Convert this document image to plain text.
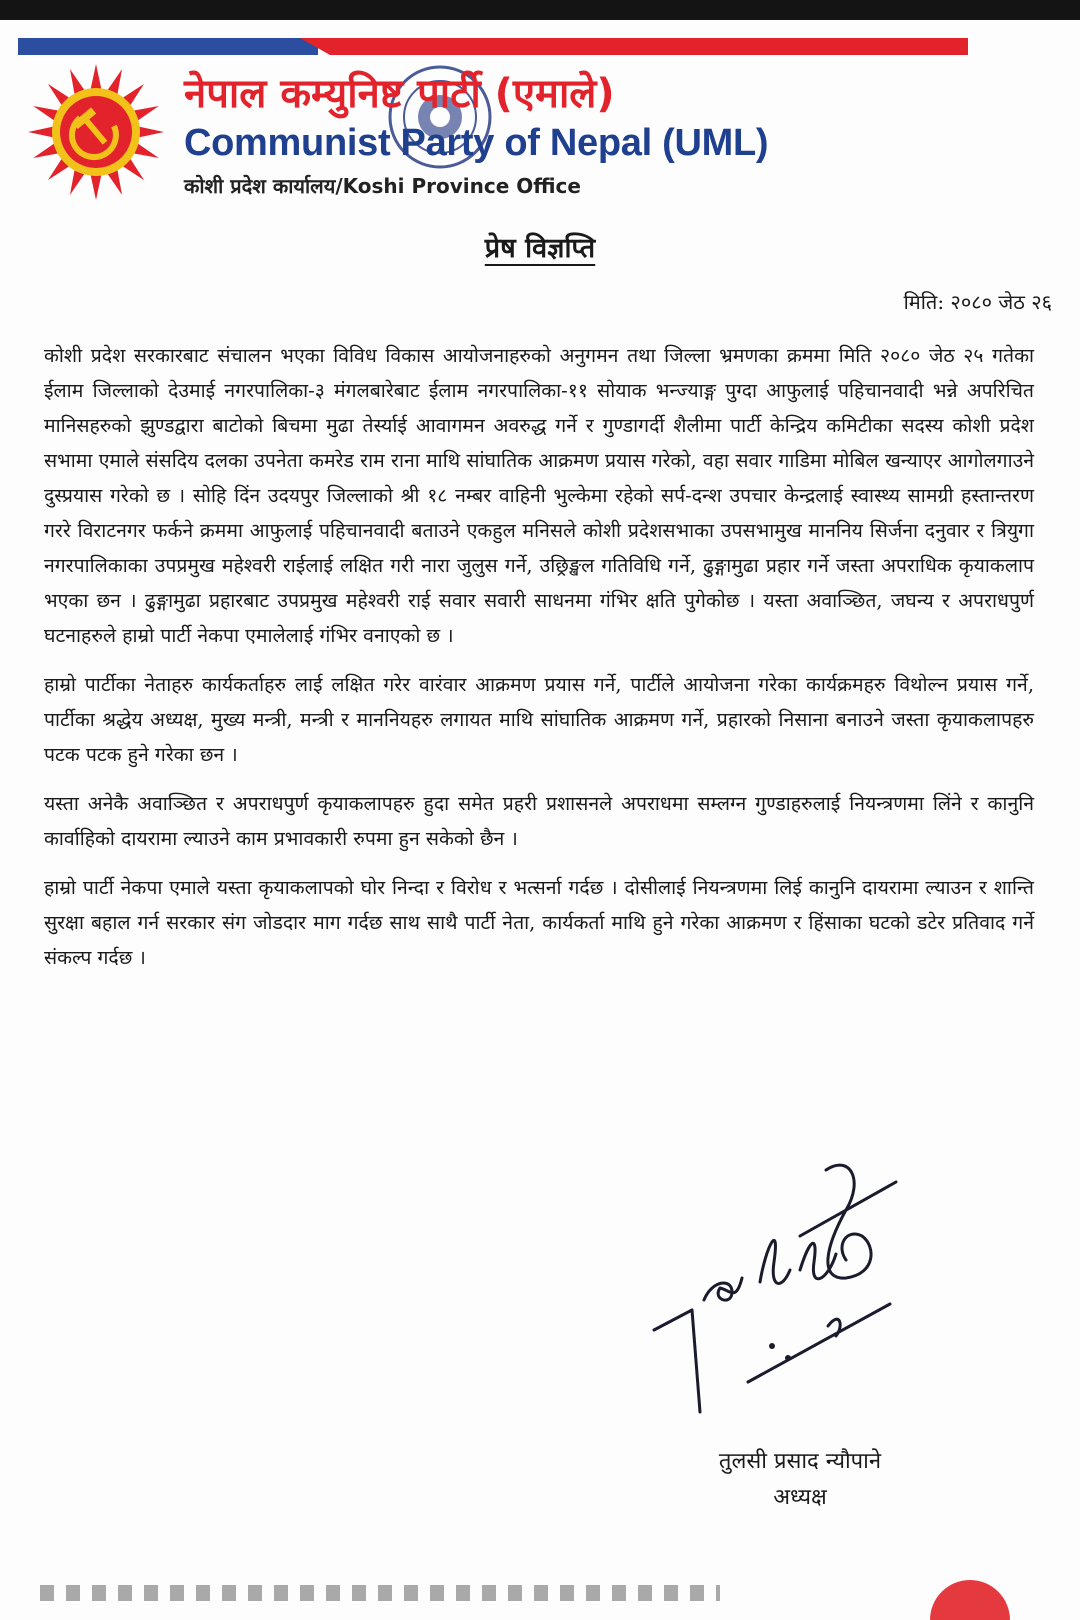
नेपाल कम्युनिष्ट पार्टी (एमाले)
Communist Party of Nepal (UML)
कोशी प्रदेश कार्यालय/Koshi Province Office
प्रेष विज्ञप्ति
मिति: २०८० जेठ २६

कोशी प्रदेश सरकारबाट संचालन भएका विविध विकास आयोजनाहरुको अनुगमन तथा जिल्ला भ्रमणका क्रममा मिति २०८० जेठ २५ गतेका ईलाम जिल्लाको देउमाई नगरपालिका-३ मंगलबारेबाट ईलाम नगरपालिका-११ सोयाक भन्ज्याङ्ग पुग्दा आफुलाई पहिचानवादी भन्ने अपरिचित मानिसहरुको झुण्डद्वारा बाटोको बिचमा मुढा तेर्स्याई आवागमन अवरुद्ध गर्ने र गुण्डागर्दी शैलीमा पार्टी केन्द्रिय कमिटीका सदस्य कोशी प्रदेश सभामा एमाले संसदिय दलका उपनेता कमरेड राम राना माथि सांघातिक आक्रमण प्रयास गरेको, वहा सवार गाडिमा मोबिल खन्याएर आगोलगाउने दुस्प्रयास गरेको छ । सोहि दिंन उदयपुर जिल्लाको श्री १८ नम्बर वाहिनी भुल्केमा रहेको सर्प-दन्श उपचार केन्द्रलाई स्वास्थ्य सामग्री हस्तान्तरण गररे विराटनगर फर्कने क्रममा आफुलाई पहिचानवादी बताउने एकहुल मनिसले कोशी प्रदेशसभाका उपसभामुख माननिय सिर्जना दनुवार र त्रियुगा नगरपालिकाका उपप्रमुख महेश्वरी राईलाई लक्षित गरी नारा जुलुस गर्ने, उछ्रिङ्खल गतिविधि गर्ने, ढुङ्गामुढा प्रहार गर्ने जस्ता अपराधिक कृयाकलाप भएका छन । ढुङ्गामुढा प्रहारबाट उपप्रमुख महेश्वरी राई सवार सवारी साधनमा गंभिर क्षति पुगेकोछ । यस्ता अवाञ्छित, जघन्य र अपराधपुर्ण घटनाहरुले हाम्रो पार्टी नेकपा एमालेलाई गंभिर वनाएको छ ।

हाम्रो पार्टीका नेताहरु कार्यकर्ताहरु लाई लक्षित गरेर वारंवार आक्रमण प्रयास गर्ने, पार्टीले आयोजना गरेका कार्यक्रमहरु विथोल्न प्रयास गर्ने, पार्टीका श्रद्धेय अध्यक्ष, मुख्य मन्त्री, मन्त्री र माननियहरु लगायत माथि सांघातिक आक्रमण गर्ने, प्रहारको निसाना बनाउने जस्ता कृयाकलापहरु पटक पटक हुने गरेका छन ।

यस्ता अनेकै अवाञ्छित र अपराधपुर्ण कृयाकलापहरु हुदा समेत प्रहरी प्रशासनले अपराधमा सम्लग्न गुण्डाहरुलाई नियन्त्रणमा लिंने र कानुनि कार्वाहिको दायरामा ल्याउने काम प्रभावकारी रुपमा हुन सकेको छैन ।

हाम्रो पार्टी नेकपा एमाले यस्ता कृयाकलापको घोर निन्दा र विरोध र भत्सर्ना गर्दछ । दोसीलाई नियन्त्रणमा लिई कानुनि दायरामा ल्याउन र शान्ति सुरक्षा बहाल गर्न सरकार संग जोडदार माग गर्दछ साथ साथै पार्टी नेता, कार्यकर्ता माथि हुने गरेका आक्रमण र हिंसाका घटको डटेर प्रतिवाद गर्ने संकल्प गर्दछ ।

तुलसी प्रसाद न्यौपाने
अध्यक्ष
